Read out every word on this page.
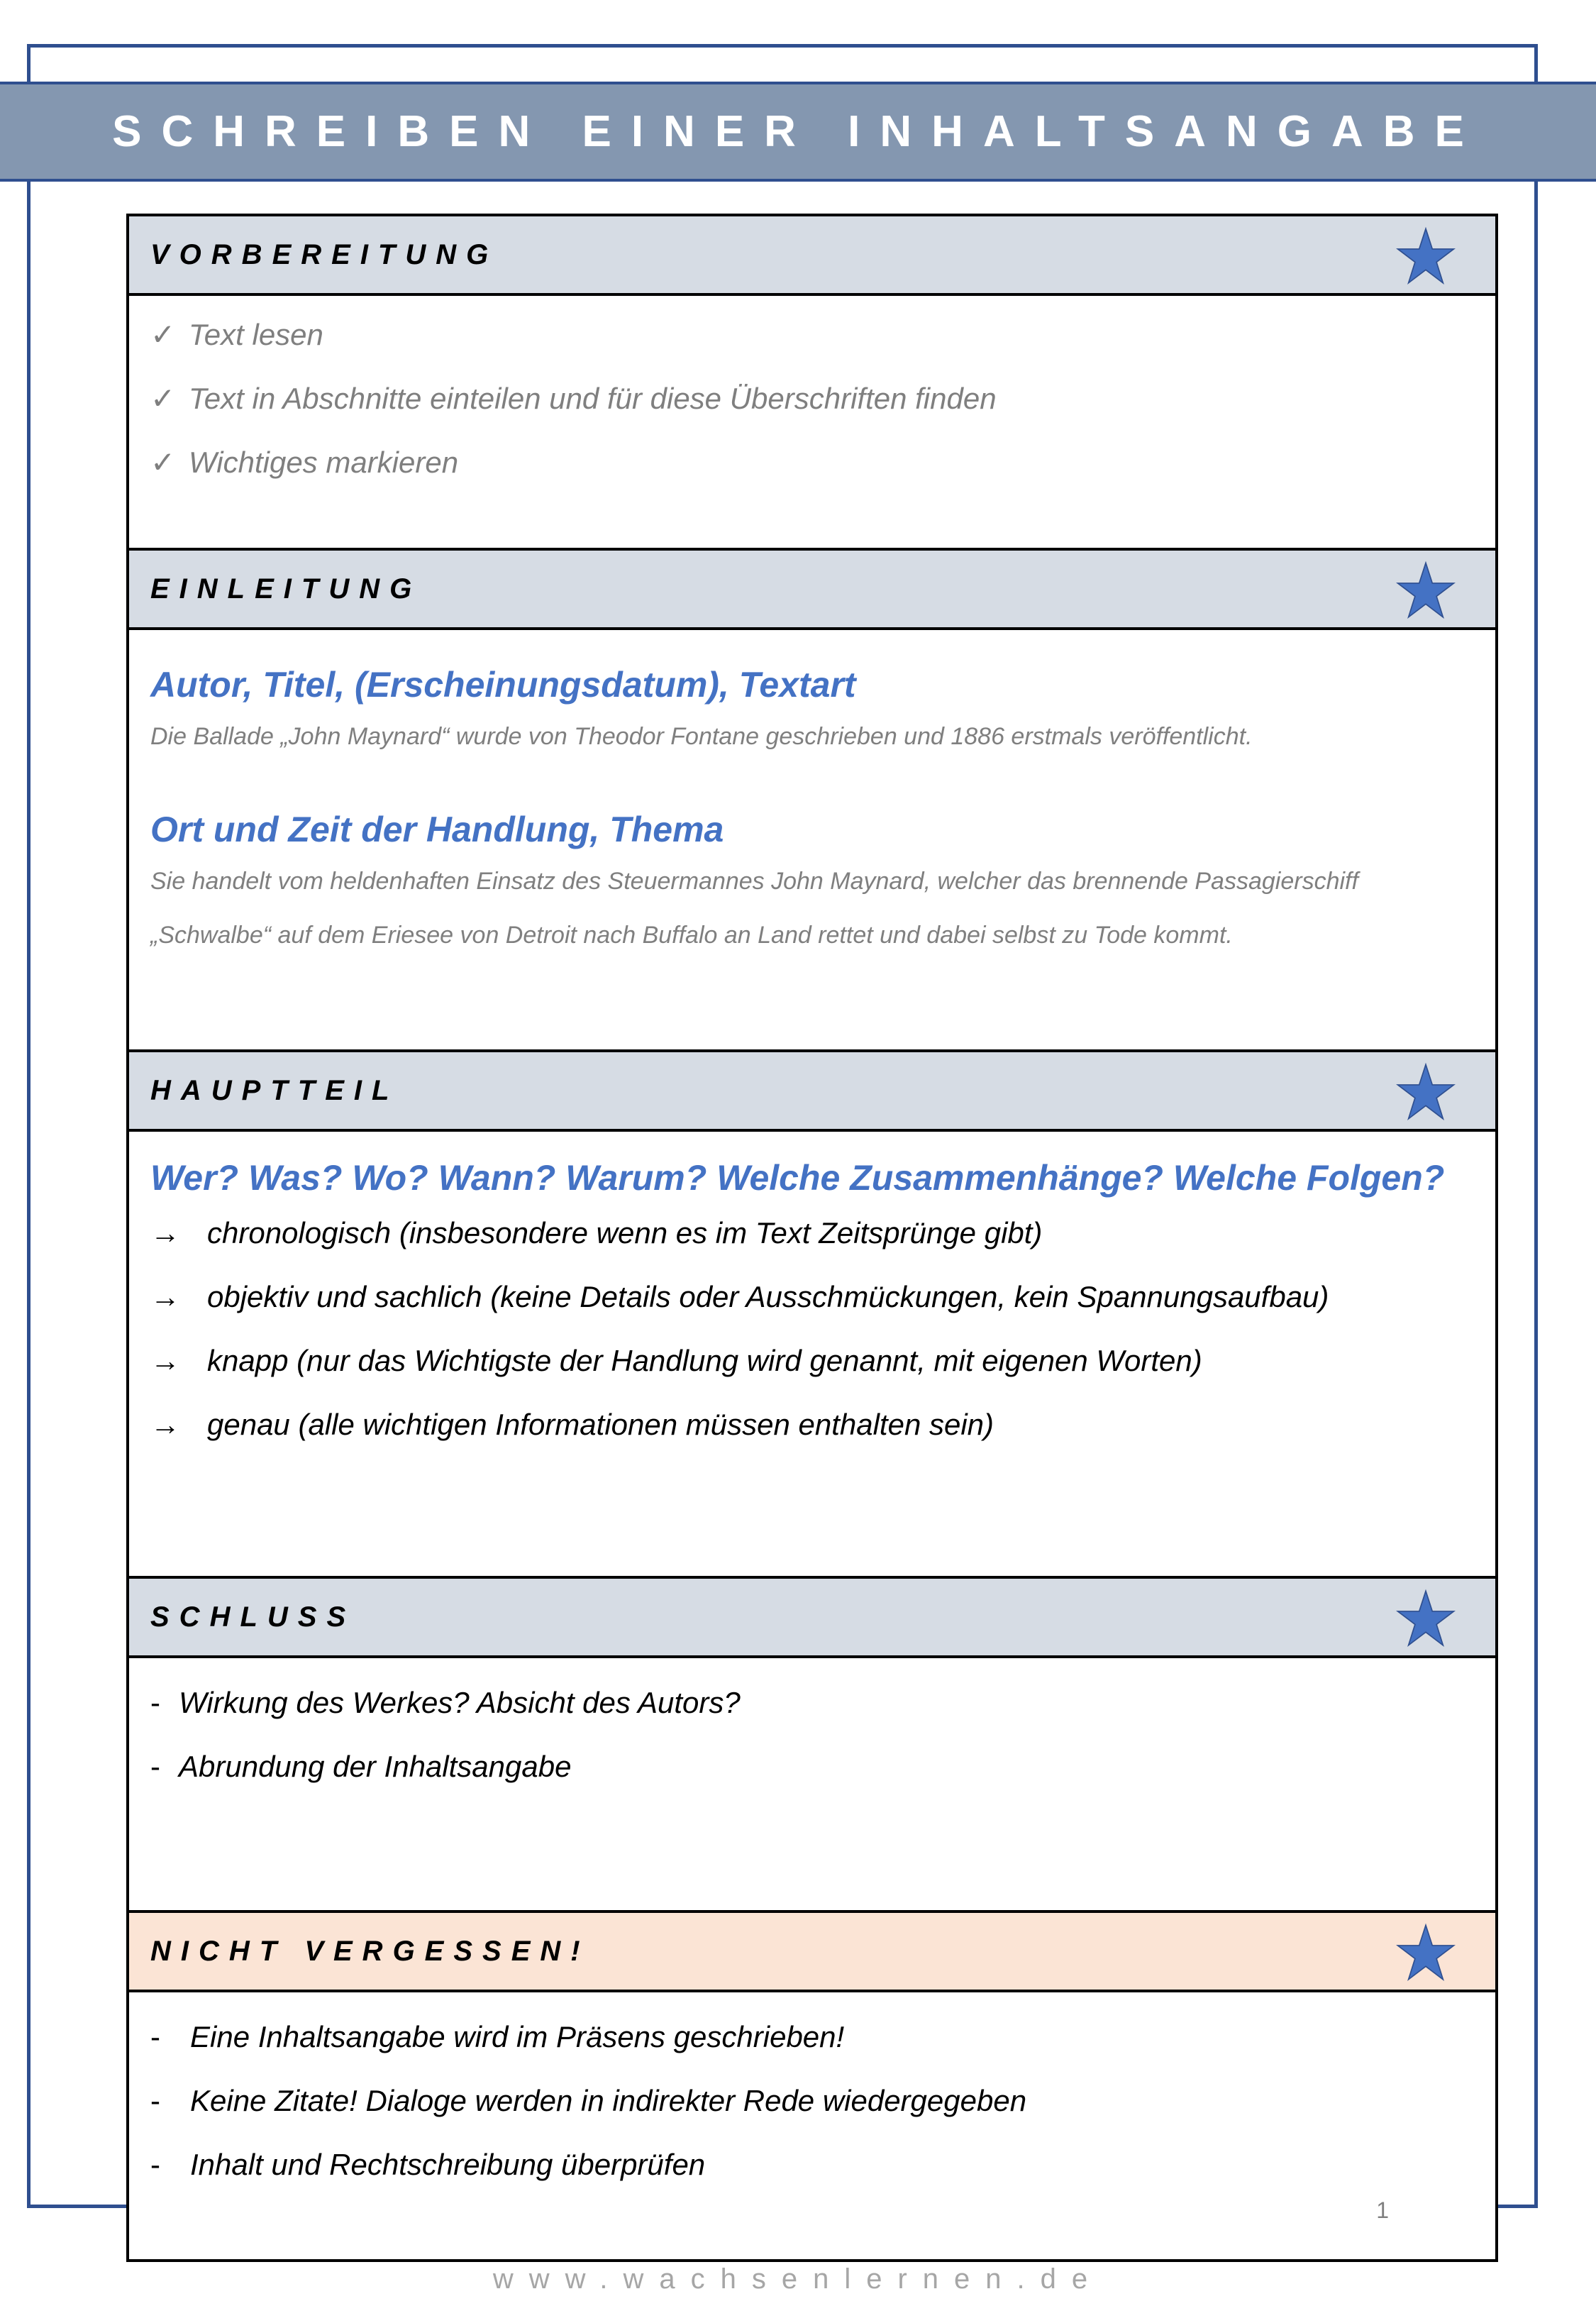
SCHREIBEN EINER INHALTSANGABE
VORBEREITUNG
✓ Text lesen
✓ Text in Abschnitte einteilen und für diese Überschriften finden
✓ Wichtiges markieren
EINLEITUNG
Autor, Titel, (Erscheinungsdatum), Textart
Die Ballade „John Maynard“ wurde von Theodor Fontane geschrieben und 1886 erstmals veröffentlicht.
Ort und Zeit der Handlung, Thema
Sie handelt vom heldenhaften Einsatz des Steuermannes John Maynard, welcher das brennende Passagierschiff
„Schwalbe“ auf dem Eriesee von Detroit nach Buffalo an Land rettet und dabei selbst zu Tode kommt.
HAUPTTEIL
Wer? Was? Wo? Wann? Warum? Welche Zusammenhänge? Welche Folgen?
→ chronologisch (insbesondere wenn es im Text Zeitsprünge gibt)
→ objektiv und sachlich (keine Details oder Ausschmückungen, kein Spannungsaufbau)
→ knapp (nur das Wichtigste der Handlung wird genannt, mit eigenen Worten)
→ genau (alle wichtigen Informationen müssen enthalten sein)
SCHLUSS
- Wirkung des Werkes? Absicht des Autors?
- Abrundung der Inhaltsangabe
NICHT VERGESSEN!
- Eine Inhaltsangabe wird im Präsens geschrieben!
- Keine Zitate! Dialoge werden in indirekter Rede wiedergegeben
- Inhalt und Rechtschreibung überprüfen
1
www.wachsenlernen.de
